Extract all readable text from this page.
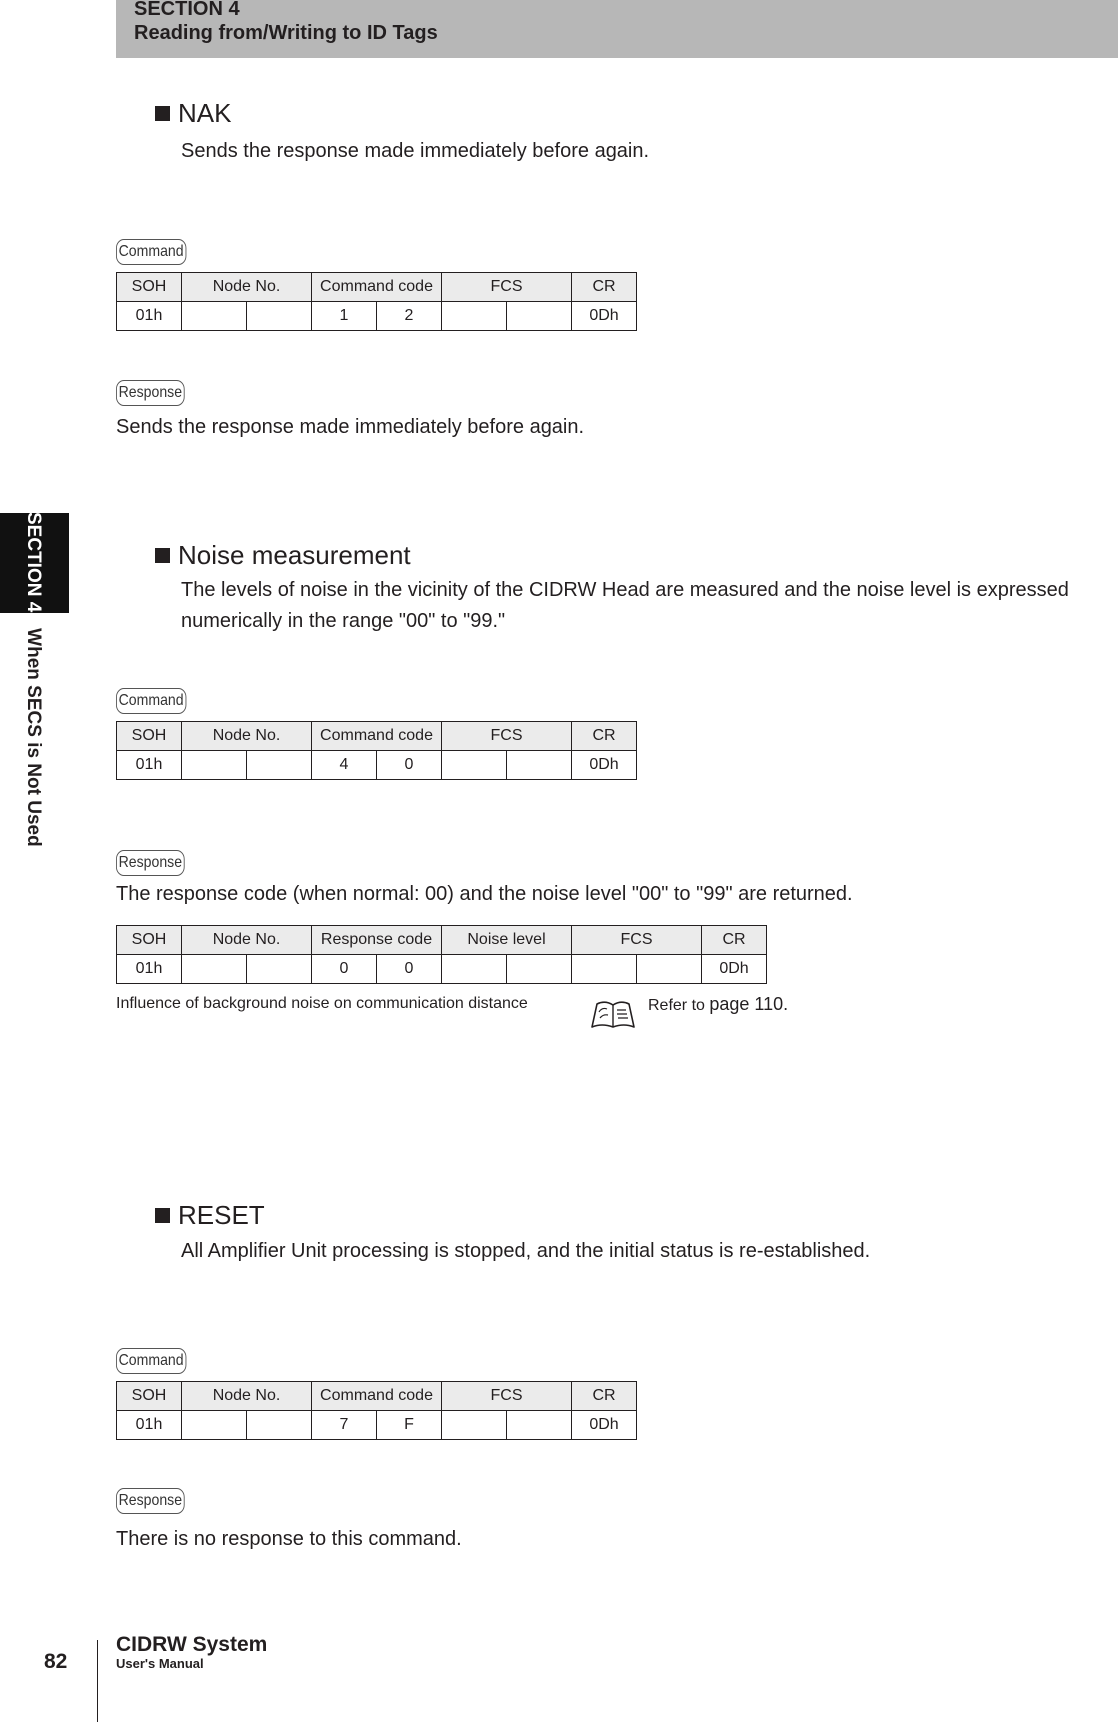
SECTION 4
Reading from/Writing to ID Tags
SECTION 4   When SECS is Not Used
NAK
Sends the response made immediately before again.
Command
SOH	Node No.		Command code		FCS		CR
01h			1	2			0Dh
Response
Sends the response made immediately before again.
Noise measurement
The levels of noise in the vicinity of the CIDRW Head are measured and the noise level is expressed
numerically in the range "00" to "99."
Command
SOH	Node No.		Command code		FCS		CR
01h			4	0			0Dh
Response
The response code (when normal: 00) and the noise level "00" to "99" are returned.
SOH	Node No.		Response code		Noise level		FCS		CR
01h			0	0					0Dh
Influence of background noise on communication distance	Refer to page 110.
RESET
All Amplifier Unit processing is stopped, and the initial status is re-established.
Command
SOH	Node No.		Command code		FCS		CR
01h			7	F			0Dh
Response
There is no response to this command.
82
CIDRW System
User's Manual
